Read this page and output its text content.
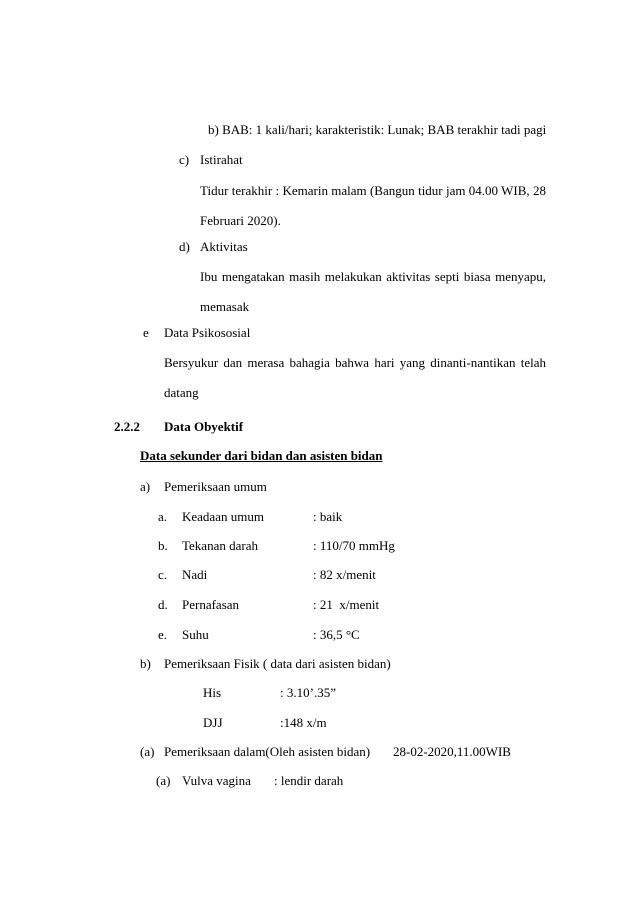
b) BAB: 1 kali/hari; karakteristik: Lunak; BAB terakhir tadi pagi
c) Istirahat
Tidur terakhir : Kemarin malam (Bangun tidur jam 04.00 WIB, 28
Februari 2020).
d) Aktivitas
Ibu mengatakan masih melakukan aktivitas septi biasa menyapu,
memasak
e Data Psikososial
Bersyukur dan merasa bahagia bahwa hari yang dinanti-nantikan telah
datang
2.2.2 Data Obyektif
Data sekunder dari bidan dan asisten bidan
a) Pemeriksaan umum
a. Keadaan umum	: baik
b. Tekanan darah	: 110/70 mmHg
c. Nadi	: 82 x/menit
d. Pernafasan	: 21  x/menit
e. Suhu	: 36,5 °C
b) Pemeriksaan Fisik ( data dari asisten bidan)
His	: 3.10’.35”
DJJ	:148 x/m
(a) Pemeriksaan dalam(Oleh asisten bidan) 28-02-2020,11.00WIB
(a) Vulva vagina : lendir darah
